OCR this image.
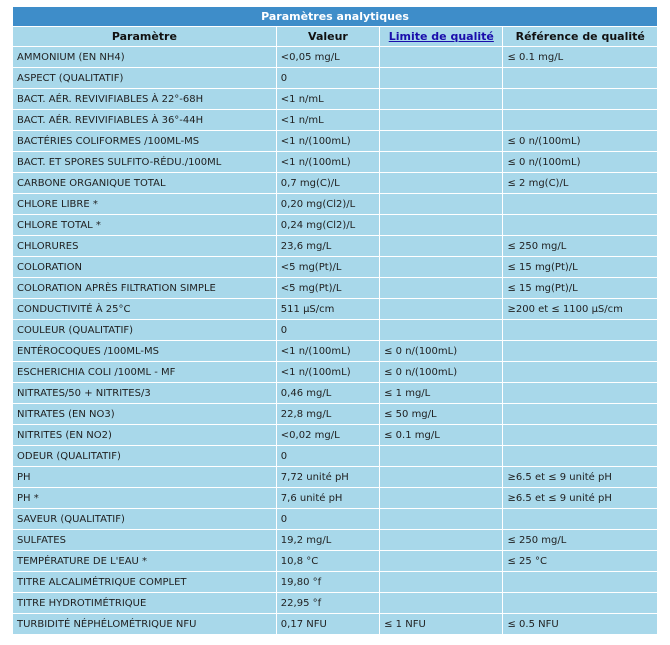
Paramètres analytiques			
Paramètre	Valeur	Limite de qualité	Référence de qualité
AMMONIUM (EN NH4)	<0,05 mg/L		≤ 0.1 mg/L
ASPECT (QUALITATIF)	0		
BACT. AÉR. REVIVIFIABLES À 22°-68H	<1 n/mL		
BACT. AÉR. REVIVIFIABLES À 36°-44H	<1 n/mL		
BACTÉRIES COLIFORMES /100ML-MS	<1 n/(100mL)		≤ 0 n/(100mL)
BACT. ET SPORES SULFITO-RÉDU./100ML	<1 n/(100mL)		≤ 0 n/(100mL)
CARBONE ORGANIQUE TOTAL	0,7 mg(C)/L		≤ 2 mg(C)/L
CHLORE LIBRE *	0,20 mg(Cl2)/L		
CHLORE TOTAL *	0,24 mg(Cl2)/L		
CHLORURES	23,6 mg/L		≤ 250 mg/L
COLORATION	<5 mg(Pt)/L		≤ 15 mg(Pt)/L
COLORATION APRÈS FILTRATION SIMPLE	<5 mg(Pt)/L		≤ 15 mg(Pt)/L
CONDUCTIVITÉ À 25°C	511 µS/cm		≥200 et ≤ 1100 µS/cm
COULEUR (QUALITATIF)	0		
ENTÉROCOQUES /100ML-MS	<1 n/(100mL)	≤ 0 n/(100mL)	
ESCHERICHIA COLI /100ML - MF	<1 n/(100mL)	≤ 0 n/(100mL)	
NITRATES/50 + NITRITES/3	0,46 mg/L	≤ 1 mg/L	
NITRATES (EN NO3)	22,8 mg/L	≤ 50 mg/L	
NITRITES (EN NO2)	<0,02 mg/L	≤ 0.1 mg/L	
ODEUR (QUALITATIF)	0		
PH	7,72 unité pH		≥6.5 et ≤ 9 unité pH
PH *	7,6 unité pH		≥6.5 et ≤ 9 unité pH
SAVEUR (QUALITATIF)	0		
SULFATES	19,2 mg/L		≤ 250 mg/L
TEMPÉRATURE DE L'EAU *	10,8 °C		≤ 25 °C
TITRE ALCALIMÉTRIQUE COMPLET	19,80 °f		
TITRE HYDROTIMÉTRIQUE	22,95 °f		
TURBIDITÉ NÉPHÉLOMÉTRIQUE NFU	0,17 NFU	≤ 1 NFU	≤ 0.5 NFU
